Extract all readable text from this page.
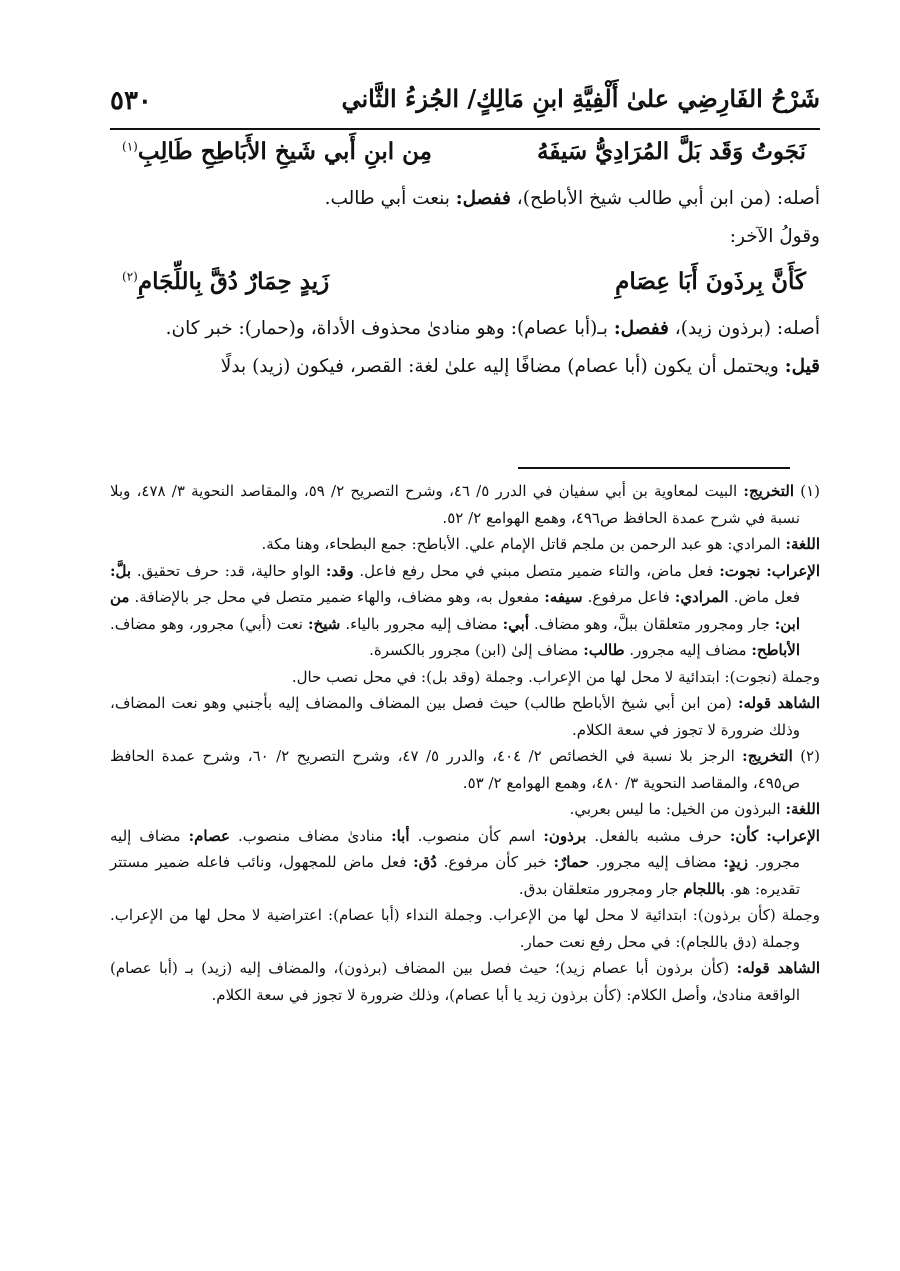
شَرْحُ الفَارِضِي علىٰ أَلْفِيَّةِ ابنِ مَالِكٍ/ الجُزءُ الثَّاني
٥٣٠
نَجَوتُ وَقَد بَلَّ المُرَادِيُّ سَيفَهُ
مِن ابنِ أَبي شَيخِ الأَبَاطِحِ طَالِبِ$^{(١)}$

أصله: (من ابن أبي طالب شيخ الأباطح)، ففصل: بنعت أبي طالب.

وقولُ الآخر:

كَأَنَّ بِرذَونَ أَبَا عِصَامِ
زَيدٍ حِمَارٌ دُقَّ بِاللِّجَامِ$^{(٢)}$

أصله: (برذون زيد)، ففصل: بـ(أبا عصام): وهو منادىٰ محذوف الأداة، و(حمار): خبر كان.

قيل: ويحتمل أن يكون (أبا عصام) مضافًا إليه علىٰ لغة: القصر، فيكون (زيد) بدلًا

(١) التخريج: البيت لمعاوية بن أبي سفيان في الدرر ٥/ ٤٦، وشرح التصريح ٢/ ٥٩، والمقاصد النحوية ٣/ ٤٧٨، وبلا نسبة في شرح عمدة الحافظ ص٤٩٦، وهمع الهوامع ٢/ ٥٢.

اللغة: المرادي: هو عبد الرحمن بن ملجم قاتل الإمام علي. الأباطح: جمع البطحاء، وهنا مكة.

الإعراب: نجوت: فعل ماض، والتاء ضمير متصل مبني في محل رفع فاعل. وقد: الواو حالية، قد: حرف تحقيق. بلَّ: فعل ماض. المرادي: فاعل مرفوع. سيفه: مفعول به، وهو مضاف، والهاء ضمير متصل في محل جر بالإضافة. من ابن: جار ومجرور متعلقان ببلَّ، وهو مضاف. أبي: مضاف إليه مجرور بالياء. شيخ: نعت (أبي) مجرور، وهو مضاف. الأباطح: مضاف إليه مجرور. طالب: مضاف إلىٰ (ابن) مجرور بالكسرة.

وجملة (نجوت): ابتدائية لا محل لها من الإعراب. وجملة (وقد بل): في محل نصب حال.

الشاهد قوله: (من ابن أبي شيخ الأباطح طالب) حيث فصل بين المضاف والمضاف إليه بأجنبي وهو نعت المضاف، وذلك ضرورة لا تجوز في سعة الكلام.

(٢) التخريج: الرجز بلا نسبة في الخصائص ٢/ ٤٠٤، والدرر ٥/ ٤٧، وشرح التصريح ٢/ ٦٠، وشرح عمدة الحافظ ص٤٩٥، والمقاصد النحوية ٣/ ٤٨٠، وهمع الهوامع ٢/ ٥٣.

اللغة: البرذون من الخيل: ما ليس بعربي.

الإعراب: كأن: حرف مشبه بالفعل. برذون: اسم كأن منصوب. أبا: منادىٰ مضاف منصوب. عصام: مضاف إليه مجرور. زيدٍ: مضاف إليه مجرور. حمارٌ: خبر كأن مرفوع. دُق: فعل ماض للمجهول، ونائب فاعله ضمير مستتر تقديره: هو. باللجام جار ومجرور متعلقان بدق.

وجملة (كأن برذون): ابتدائية لا محل لها من الإعراب. وجملة النداء (أبا عصام): اعتراضية لا محل لها من الإعراب. وجملة (دق باللجام): في محل رفع نعت حمار.

الشاهد قوله: (كأن برذون أبا عصام زيد)؛ حيث فصل بين المضاف (برذون)، والمضاف إليه (زيد) بـ (أبا عصام) الواقعة منادىٰ، وأصل الكلام: (كأن برذون زيد يا أبا عصام)، وذلك ضرورة لا تجوز في سعة الكلام.
